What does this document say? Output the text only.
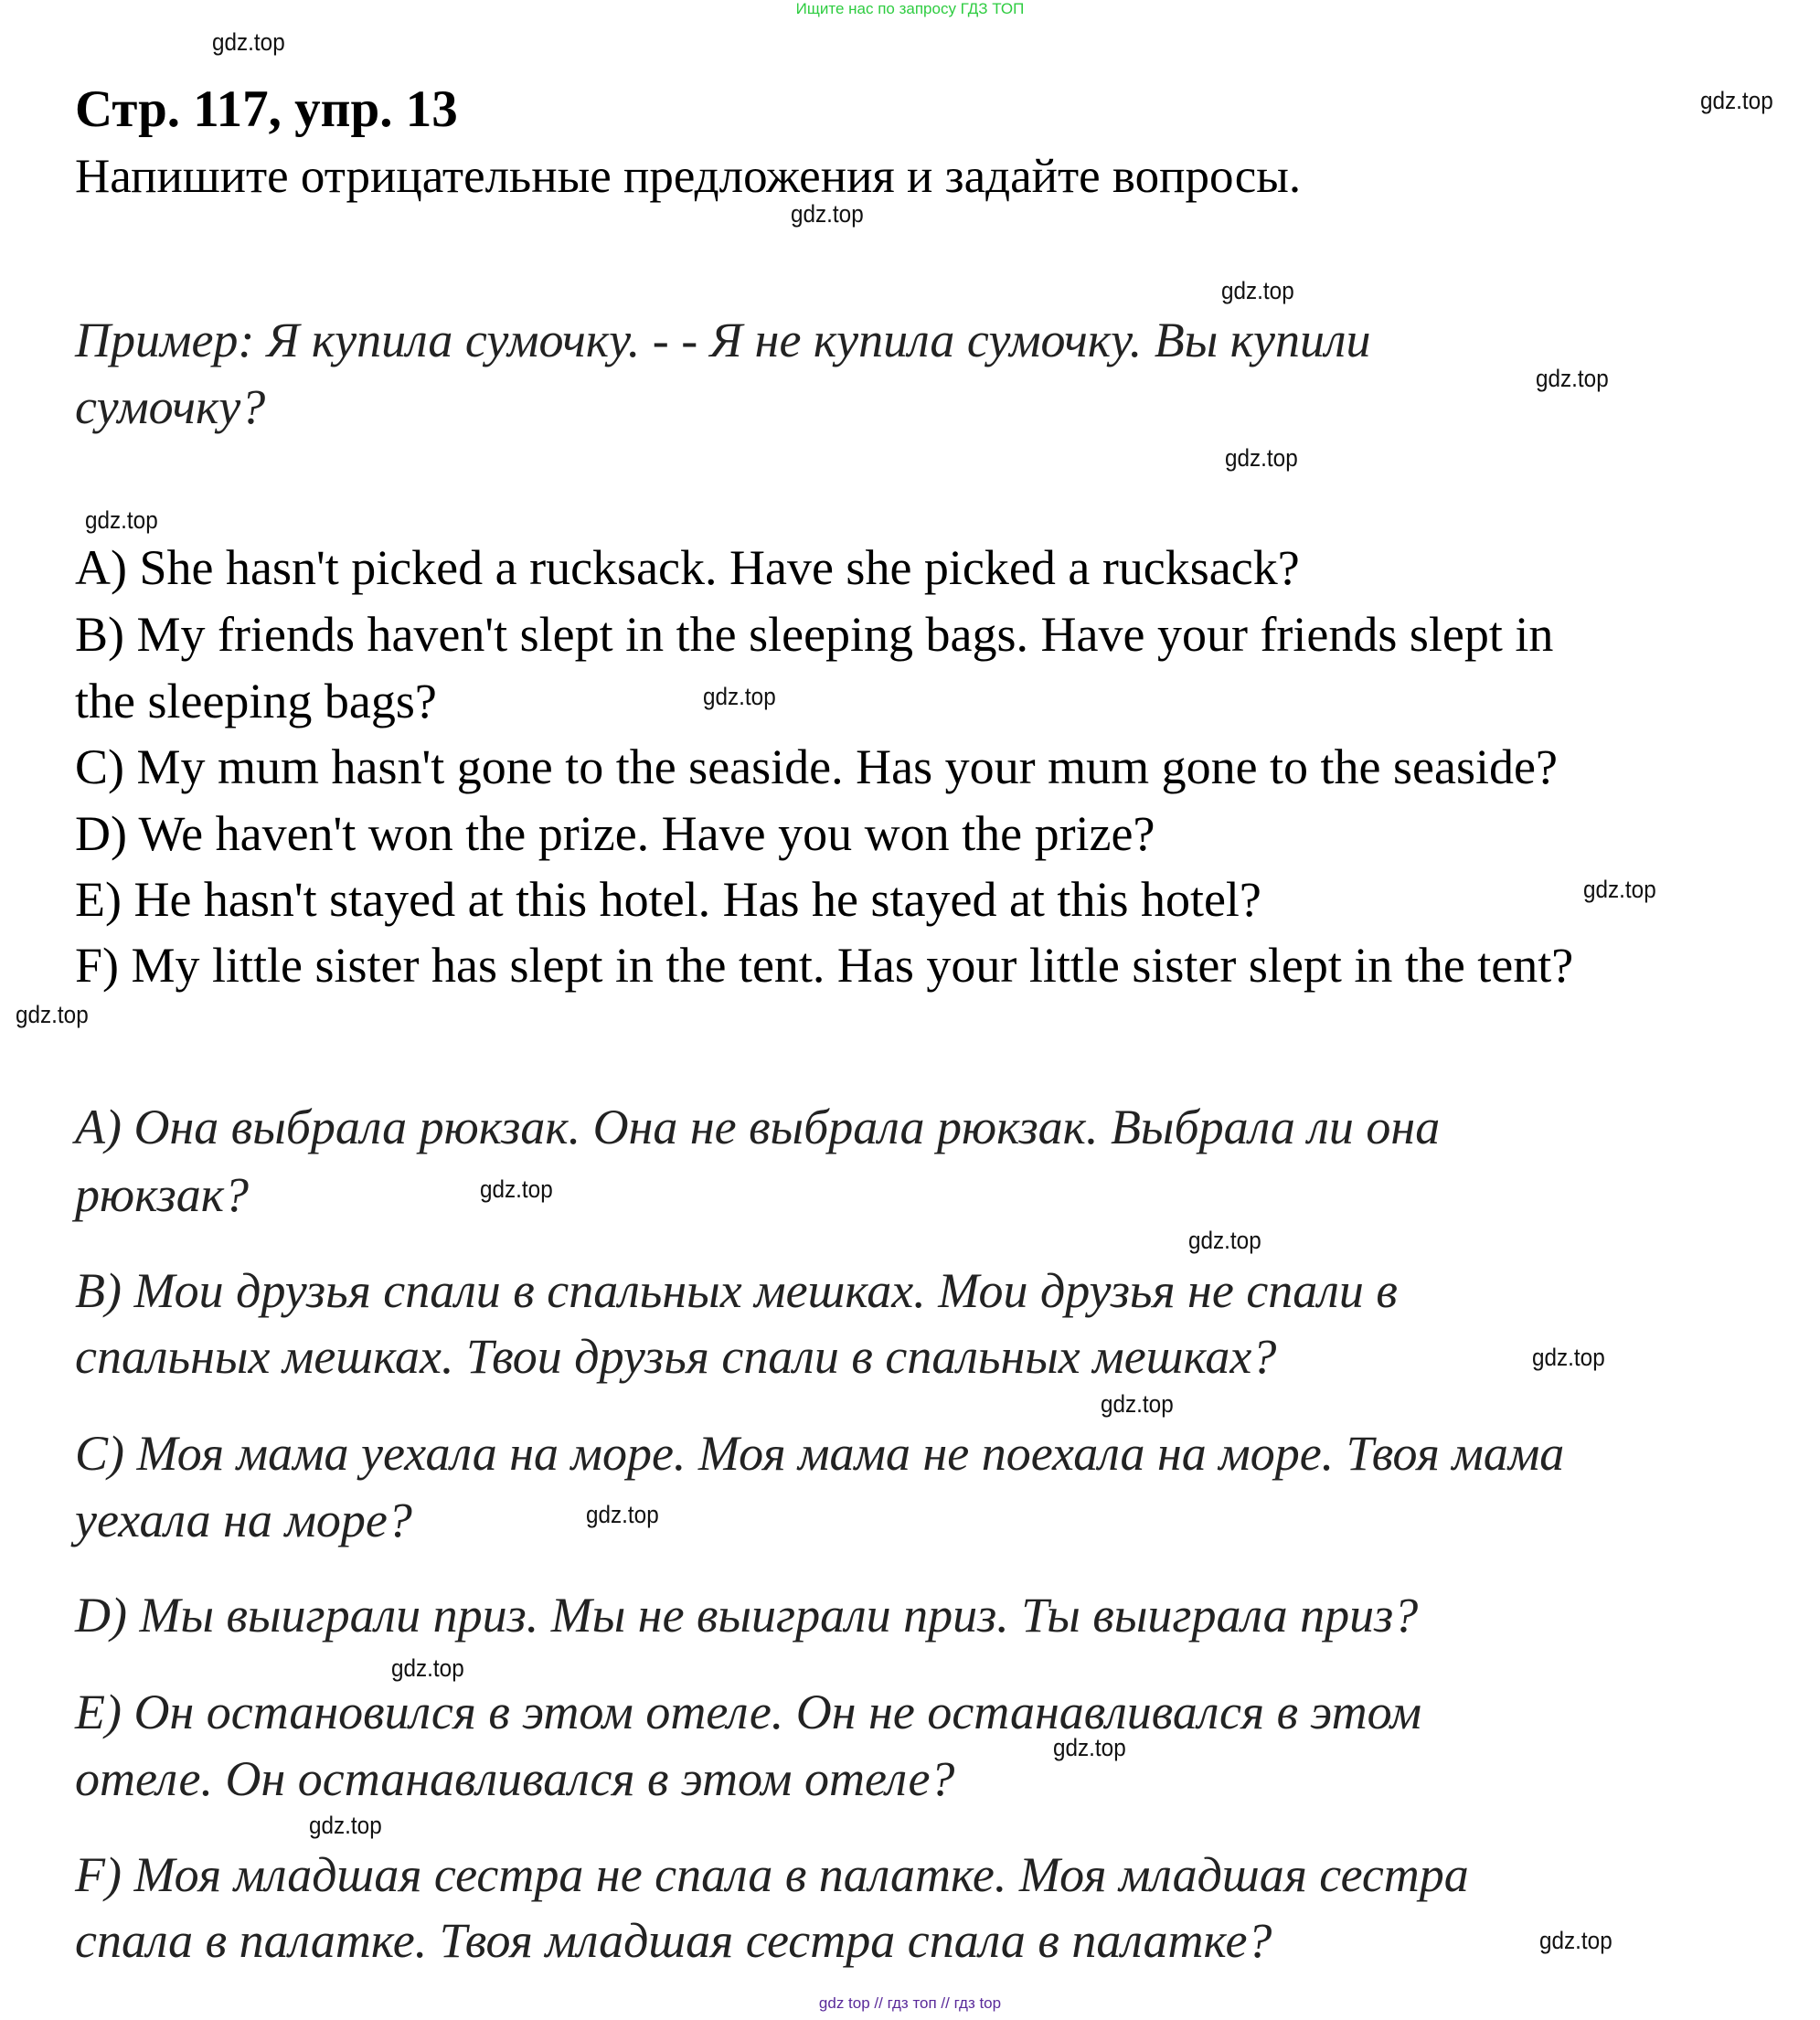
Ищите нас по запросу ГДЗ ТОП
Стр. 117, упр. 13
Напишите отрицательные предложения и задайте вопросы.
Пример: Я купила сумочку. - - Я не купила сумочку. Вы купили
сумочку?
A) She hasn't picked a rucksack. Have she picked a rucksack?
B) My friends haven't slept in the sleeping bags. Have your friends slept in
the sleeping bags?
C) My mum hasn't gone to the seaside. Has your mum gone to the seaside?
D) We haven't won the prize. Have you won the prize?
E) He hasn't stayed at this hotel. Has he stayed at this hotel?
F) My little sister has slept in the tent. Has your little sister slept in the tent?
A) Она выбрала рюкзак. Она не выбрала рюкзак. Выбрала ли она
рюкзак?
B) Мои друзья спали в спальных мешках. Мои друзья не спали в
спальных мешках. Твои друзья спали в спальных мешках?
C) Моя мама уехала на море. Моя мама не поехала на море. Твоя мама
уехала на море?
D) Мы выиграли приз. Мы не выиграли приз. Ты выиграла приз?
E) Он остановился в этом отеле. Он не останавливался в этом
отеле. Он останавливался в этом отеле?
F) Моя младшая сестра не спала в палатке. Моя младшая сестра
спала в палатке. Твоя младшая сестра спала в палатке?
gdz.top
gdz.top
gdz.top
gdz.top
gdz.top
gdz.top
gdz.top
gdz.top
gdz.top
gdz.top
gdz.top
gdz.top
gdz.top
gdz.top
gdz.top
gdz.top
gdz.top
gdz.top
gdz.top
gdz top // гдз топ // гдз top
